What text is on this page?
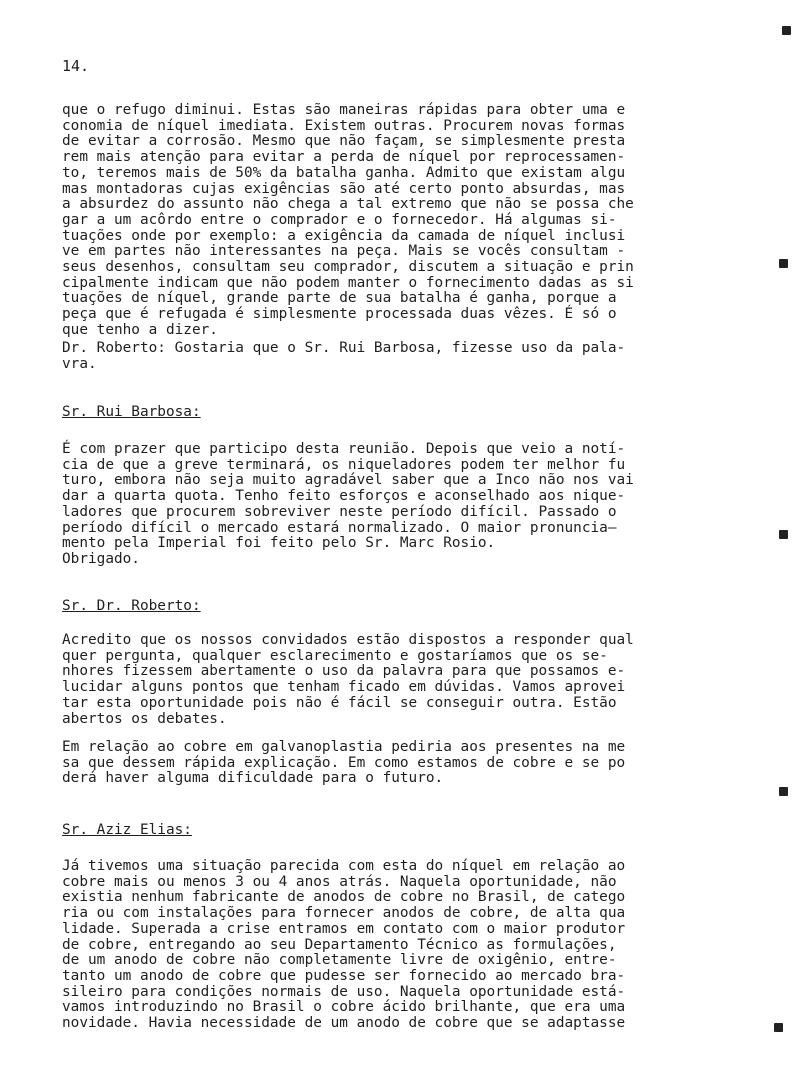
14.
que o refugo diminui. Estas são maneiras rápidas para obter uma e
conomia de níquel imediata. Existem outras. Procurem novas formas
de evitar a corrosão. Mesmo que não façam, se simplesmente presta
rem mais atenção para evitar a perda de níquel por reprocessamen-
to, teremos mais de 50% da batalha ganha. Admito que existam algu
mas montadoras cujas exigências são até certo ponto absurdas, mas
a absurdez do assunto não chega a tal extremo que não se possa che
gar a um acôrdo entre o comprador e o fornecedor. Há algumas si-
tuações onde por exemplo: a exigência da camada de níquel inclusi
ve em partes não interessantes na peça. Mais se vocês consultam -
seus desenhos, consultam seu comprador, discutem a situação e prin
cipalmente indicam que não podem manter o fornecimento dadas as si
tuações de níquel, grande parte de sua batalha é ganha, porque a
peça que é refugada é simplesmente processada duas vêzes. É só o
que tenho a dizer.
Dr. Roberto: Gostaria que o Sr. Rui Barbosa, fizesse uso da pala-
vra.
Sr. Rui Barbosa:
É com prazer que participo desta reunião. Depois que veio a notí-
cia de que a greve terminará, os niqueladores podem ter melhor fu
turo, embora não seja muito agradável saber que a Inco não nos vai
dar a quarta quota. Tenho feito esforços e aconselhado aos nique-
ladores que procurem sobreviver neste período difícil. Passado o
período difícil o mercado estará normalizado. O maior pronuncia—
mento pela Imperial foi feito pelo Sr. Marc Rosio.
Obrigado.
Sr. Dr. Roberto:
Acredito que os nossos convidados estão dispostos a responder qual
quer pergunta, qualquer esclarecimento e gostaríamos que os se-
nhores fizessem abertamente o uso da palavra para que possamos e-
lucidar alguns pontos que tenham ficado em dúvidas. Vamos aprovei
tar esta oportunidade pois não é fácil se conseguir outra. Estão
abertos os debates.
Em relação ao cobre em galvanoplastia pediria aos presentes na me
sa que dessem rápida explicação. Em como estamos de cobre e se po
derá haver alguma dificuldade para o futuro.
Sr. Aziz Elias:
Já tivemos uma situação parecida com esta do níquel em relação ao
cobre mais ou menos 3 ou 4 anos atrás. Naquela oportunidade, não
existia nenhum fabricante de anodos de cobre no Brasil, de catego
ria ou com instalações para fornecer anodos de cobre, de alta qua
lidade. Superada a crise entramos em contato com o maior produtor
de cobre, entregando ao seu Departamento Técnico as formulações,
de um anodo de cobre não completamente livre de oxigênio, entre-
tanto um anodo de cobre que pudesse ser fornecido ao mercado bra-
sileiro para condições normais de uso. Naquela oportunidade está-
vamos introduzindo no Brasil o cobre ácido brilhante, que era uma
novidade. Havia necessidade de um anodo de cobre que se adaptasse
